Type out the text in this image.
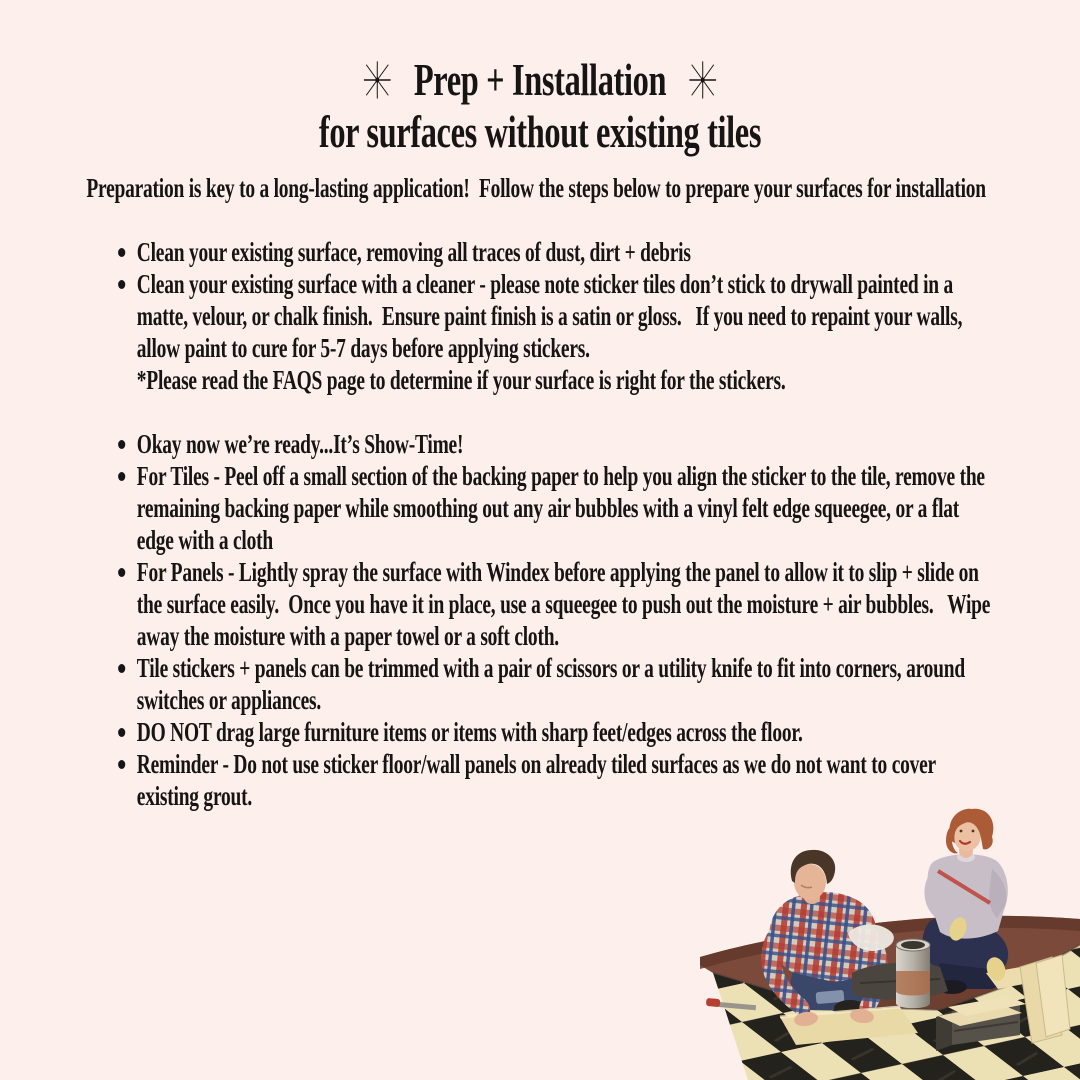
Prep + Installation
for surfaces without existing tiles

Preparation is key to a long-lasting application!  Follow the steps below to prepare your surfaces for installation

Clean your existing surface, removing all traces of dust, dirt + debris
Clean your existing surface with a cleaner - please note sticker tiles don’t stick to drywall painted in a matte, velour, or chalk finish.  Ensure paint finish is a satin or gloss.   If you need to repaint your walls, allow paint to cure for 5-7 days before applying stickers.
*Please read the FAQS page to determine if your surface is right for the stickers.
Okay now we’re ready...It’s Show-Time!
For Tiles - Peel off a small section of the backing paper to help you align the sticker to the tile, remove the remaining backing paper while smoothing out any air bubbles with a vinyl felt edge squeegee, or a flat edge with a cloth
For Panels - Lightly spray the surface with Windex before applying the panel to allow it to slip + slide on the surface easily.  Once you have it in place, use a squeegee to push out the moisture + air bubbles.   Wipe away the moisture with a paper towel or a soft cloth.
Tile stickers + panels can be trimmed with a pair of scissors or a utility knife to fit into corners, around switches or appliances.
DO NOT drag large furniture items or items with sharp feet/edges across the floor.
Reminder - Do not use sticker floor/wall panels on already tiled surfaces as we do not want to cover existing grout.
